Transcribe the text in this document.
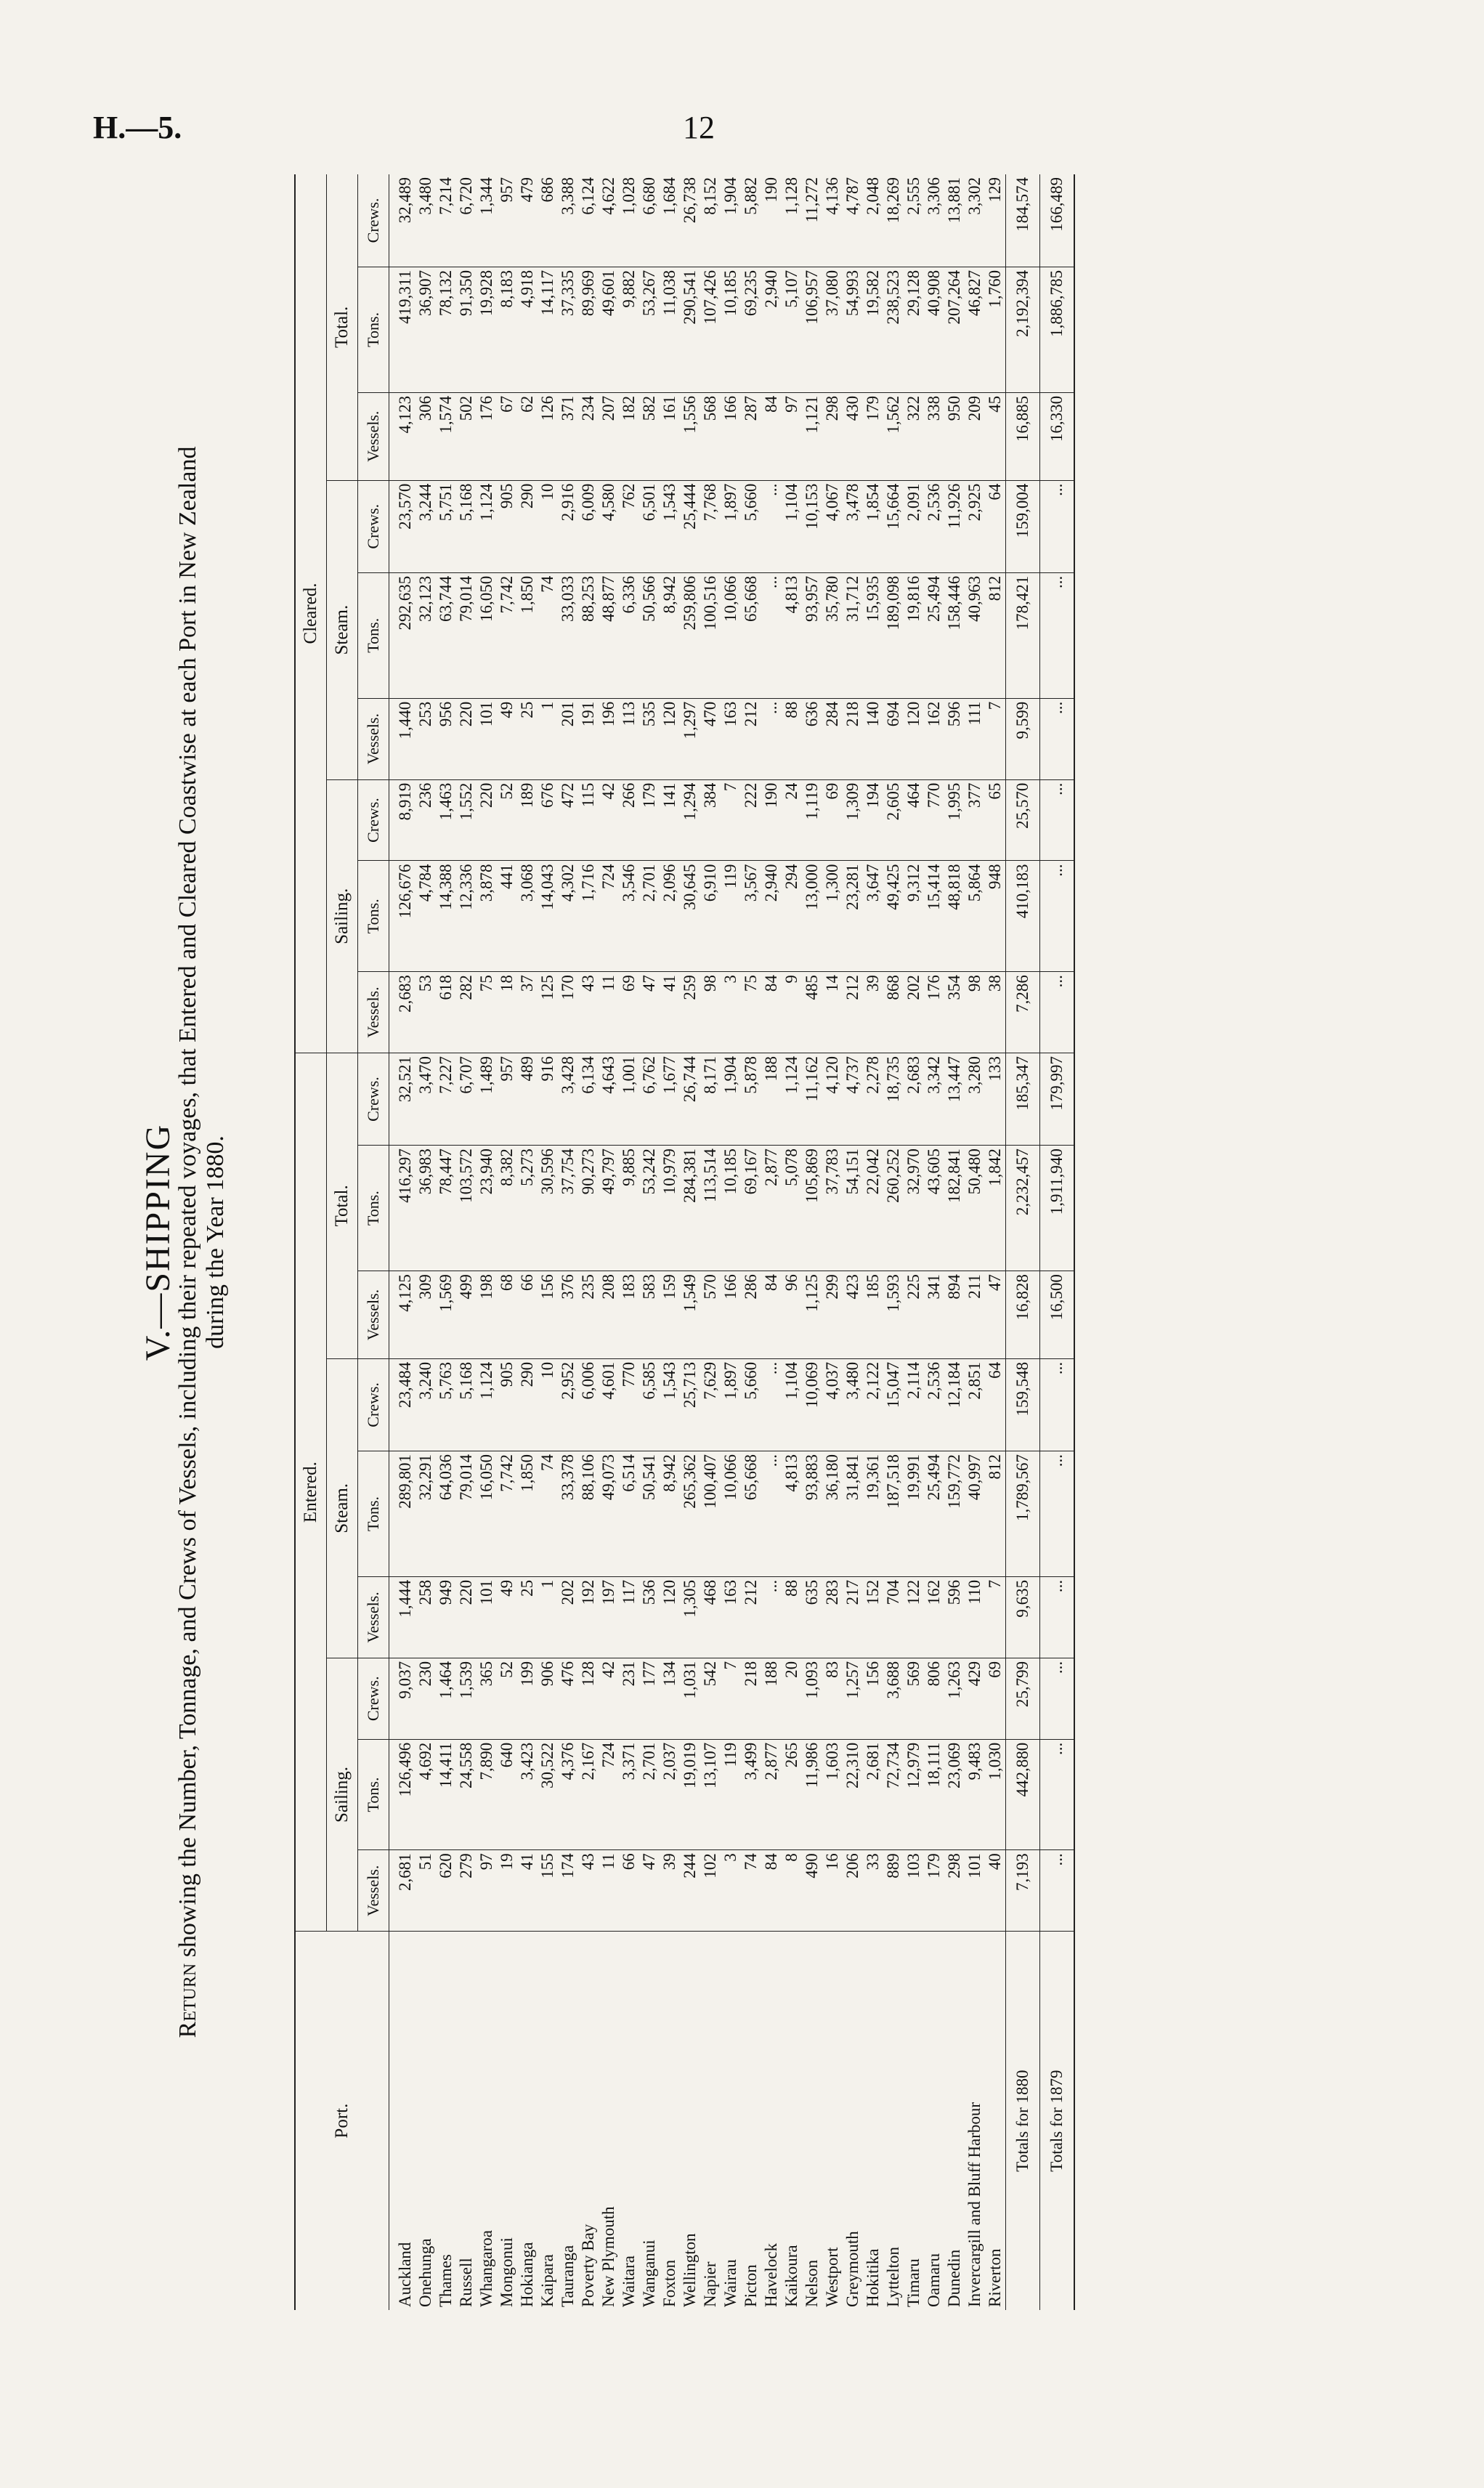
H.—5.	12
V.—SHIPPING
Return showing the Number, Tonnage, and Crews of Vessels, including their repeated voyages, that Entered and Cleared Coastwise at each Port in New Zealand
during the Year 1880.
Port.	Entered.									Cleared.								
	Sailing.			Steam.			Total.			Sailing.			Steam.			Total.		
	Vessels.	Tons.	Crews.	Vessels.	Tons.	Crews.	Vessels.	Tons.	Crews.	Vessels.	Tons.	Crews.	Vessels.	Tons.	Crews.	Vessels.	Tons.	Crews.
Auckland	2,681	126,496	9,037	1,444	289,801	23,484	4,125	416,297	32,521	2,683	126,676	8,919	1,440	292,635	23,570	4,123	419,311	32,489
Onehunga	51	4,692	230	258	32,291	3,240	309	36,983	3,470	53	4,784	236	253	32,123	3,244	306	36,907	3,480
Thames	620	14,411	1,464	949	64,036	5,763	1,569	78,447	7,227	618	14,388	1,463	956	63,744	5,751	1,574	78,132	7,214
Russell	279	24,558	1,539	220	79,014	5,168	499	103,572	6,707	282	12,336	1,552	220	79,014	5,168	502	91,350	6,720
Whangaroa	97	7,890	365	101	16,050	1,124	198	23,940	1,489	75	3,878	220	101	16,050	1,124	176	19,928	1,344
Mongonui	19	640	52	49	7,742	905	68	8,382	957	18	441	52	49	7,742	905	67	8,183	957
Hokianga	41	3,423	199	25	1,850	290	66	5,273	489	37	3,068	189	25	1,850	290	62	4,918	479
Kaipara	155	30,522	906	1	74	10	156	30,596	916	125	14,043	676	1	74	10	126	14,117	686
Tauranga	174	4,376	476	202	33,378	2,952	376	37,754	3,428	170	4,302	472	201	33,033	2,916	371	37,335	3,388
Poverty Bay	43	2,167	128	192	88,106	6,006	235	90,273	6,134	43	1,716	115	191	88,253	6,009	234	89,969	6,124
New Plymouth	11	724	42	197	49,073	4,601	208	49,797	4,643	11	724	42	196	48,877	4,580	207	49,601	4,622
Waitara	66	3,371	231	117	6,514	770	183	9,885	1,001	69	3,546	266	113	6,336	762	182	9,882	1,028
Wanganui	47	2,701	177	536	50,541	6,585	583	53,242	6,762	47	2,701	179	535	50,566	6,501	582	53,267	6,680
Foxton	39	2,037	134	120	8,942	1,543	159	10,979	1,677	41	2,096	141	120	8,942	1,543	161	11,038	1,684
Wellington	244	19,019	1,031	1,305	265,362	25,713	1,549	284,381	26,744	259	30,645	1,294	1,297	259,806	25,444	1,556	290,541	26,738
Napier	102	13,107	542	468	100,407	7,629	570	113,514	8,171	98	6,910	384	470	100,516	7,768	568	107,426	8,152
Wairau	3	119	7	163	10,066	1,897	166	10,185	1,904	3	119	7	163	10,066	1,897	166	10,185	1,904
Picton	74	3,499	218	212	65,668	5,660	286	69,167	5,878	75	3,567	222	212	65,668	5,660	287	69,235	5,882
Havelock	84	2,877	188	...	...	...	84	2,877	188	84	2,940	190	...	...	...	84	2,940	190
Kaikoura	8	265	20	88	4,813	1,104	96	5,078	1,124	9	294	24	88	4,813	1,104	97	5,107	1,128
Nelson	490	11,986	1,093	635	93,883	10,069	1,125	105,869	11,162	485	13,000	1,119	636	93,957	10,153	1,121	106,957	11,272
Westport	16	1,603	83	283	36,180	4,037	299	37,783	4,120	14	1,300	69	284	35,780	4,067	298	37,080	4,136
Greymouth	206	22,310	1,257	217	31,841	3,480	423	54,151	4,737	212	23,281	1,309	218	31,712	3,478	430	54,993	4,787
Hokitika	33	2,681	156	152	19,361	2,122	185	22,042	2,278	39	3,647	194	140	15,935	1,854	179	19,582	2,048
Lyttelton	889	72,734	3,688	704	187,518	15,047	1,593	260,252	18,735	868	49,425	2,605	694	189,098	15,664	1,562	238,523	18,269
Timaru	103	12,979	569	122	19,991	2,114	225	32,970	2,683	202	9,312	464	120	19,816	2,091	322	29,128	2,555
Oamaru	179	18,111	806	162	25,494	2,536	341	43,605	3,342	176	15,414	770	162	25,494	2,536	338	40,908	3,306
Dunedin	298	23,069	1,263	596	159,772	12,184	894	182,841	13,447	354	48,818	1,995	596	158,446	11,926	950	207,264	13,881
Invercargill and Bluff Harbour	101	9,483	429	110	40,997	2,851	211	50,480	3,280	98	5,864	377	111	40,963	2,925	209	46,827	3,302
Riverton	40	1,030	69	7	812	64	47	1,842	133	38	948	65	7	812	64	45	1,760	129
Totals for 1880	7,193	442,880	25,799	9,635	1,789,567	159,548	16,828	2,232,457	185,347	7,286	410,183	25,570	9,599	178,421	159,004	16,885	2,192,394	184,574
Totals for 1879	...	...	...	...	...	...	16,500	1,911,940	179,997	...	...	...	...	...	...	16,330	1,886,785	166,489
